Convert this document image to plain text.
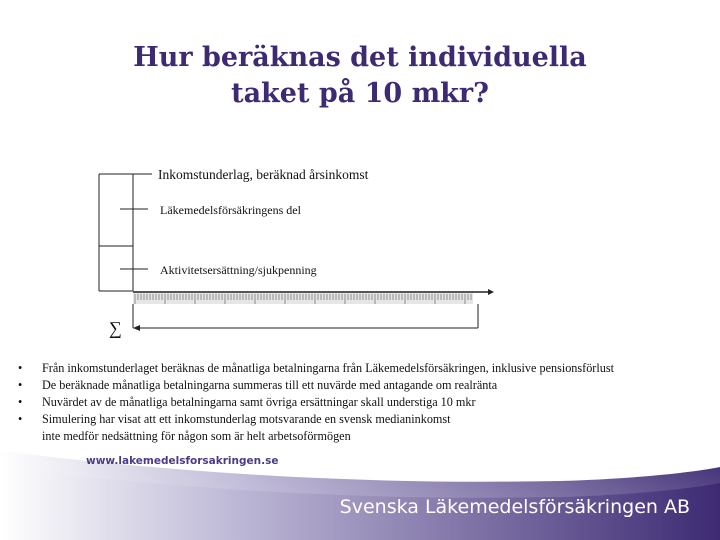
Hur beräknas det individuella
taket på 10 mkr?
Inkomstunderlag, beräknad årsinkomst
Läkemedelsförsäkringens del
Aktivitetsersättning/sjukpenning
∑
• Från inkomstunderlaget beräknas de månatliga betalningarna från Läkemedelsförsäkringen, inklusive pensionsförlust
• De beräknade månatliga betalningarna summeras till ett nuvärde med antagande om realränta
• Nuvärdet av de månatliga betalningarna samt övriga ersättningar skall understiga 10 mkr
• Simulering har visat att ett inkomstunderlag motsvarande en svensk medianinkomst
inte medför nedsättning för någon som är helt arbetsoförmögen
www.lakemedelsforsakringen.se
Svenska Läkemedelsförsäkringen AB
